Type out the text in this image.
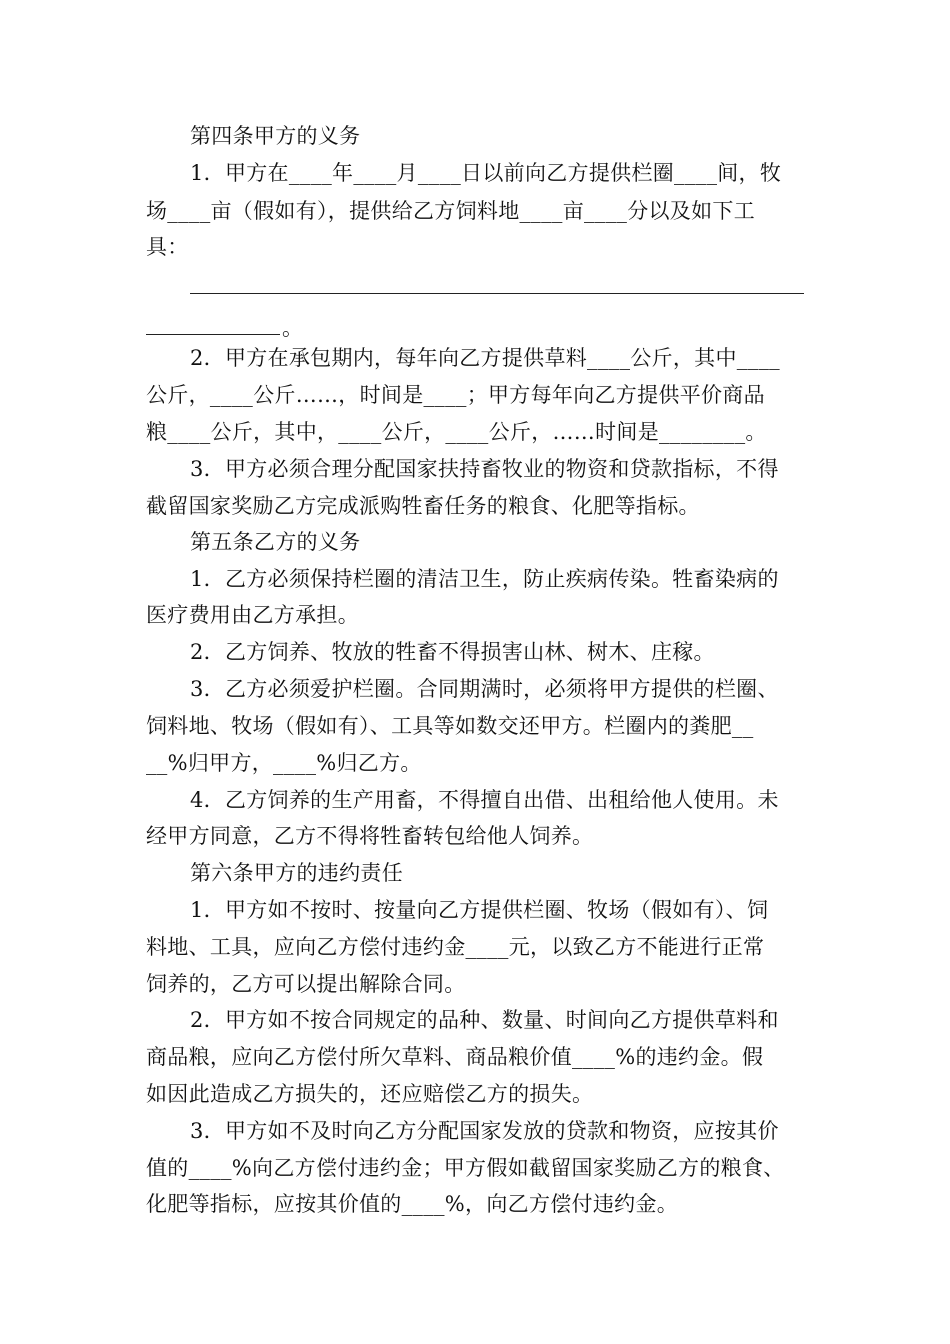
第四条甲方的义务
1．甲方在____年____月____日以前向乙方提供栏圈____间，牧
场____亩（假如有），提供给乙方饲料地____亩____分以及如下工
具：
。
2．甲方在承包期内，每年向乙方提供草料____公斤，其中____
公斤，____公斤……，时间是____；甲方每年向乙方提供平价商品
粮____公斤，其中，____公斤，____公斤，……时间是________。
3．甲方必须合理分配国家扶持畜牧业的物资和贷款指标，不得
截留国家奖励乙方完成派购牲畜任务的粮食、化肥等指标。
第五条乙方的义务
1．乙方必须保持栏圈的清洁卫生，防止疾病传染。牲畜染病的
医疗费用由乙方承担。
2．乙方饲养、牧放的牲畜不得损害山林、树木、庄稼。
3．乙方必须爱护栏圈。合同期满时，必须将甲方提供的栏圈、
饲料地、牧场（假如有）、工具等如数交还甲方。栏圈内的粪肥__
__%归甲方，____%归乙方。
4．乙方饲养的生产用畜，不得擅自出借、出租给他人使用。未
经甲方同意，乙方不得将牲畜转包给他人饲养。
第六条甲方的违约责任
1．甲方如不按时、按量向乙方提供栏圈、牧场（假如有）、饲
料地、工具，应向乙方偿付违约金____元，以致乙方不能进行正常
饲养的，乙方可以提出解除合同。
2．甲方如不按合同规定的品种、数量、时间向乙方提供草料和
商品粮，应向乙方偿付所欠草料、商品粮价值____%的违约金。假
如因此造成乙方损失的，还应赔偿乙方的损失。
3．甲方如不及时向乙方分配国家发放的贷款和物资，应按其价
值的____%向乙方偿付违约金；甲方假如截留国家奖励乙方的粮食、
化肥等指标，应按其价值的____%，向乙方偿付违约金。
